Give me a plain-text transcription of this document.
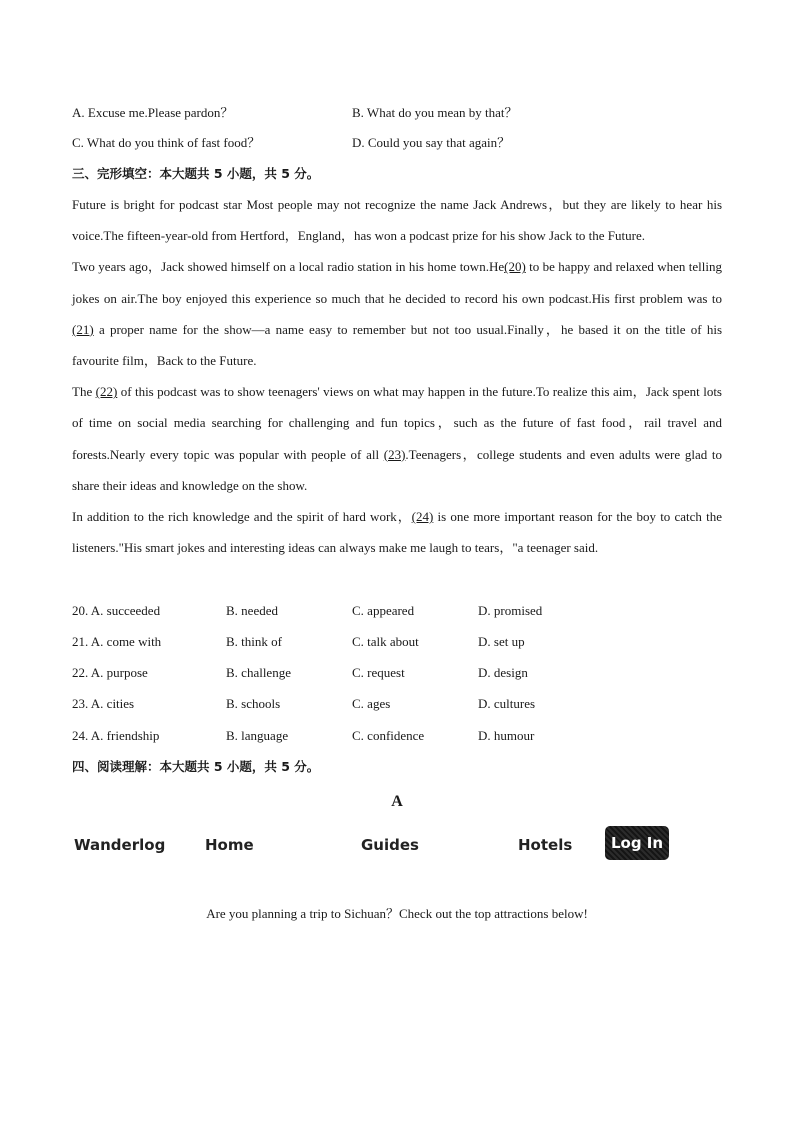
A. Excuse me.Please pardon？	B. What do you mean by that？
C. What do you think of fast food？	D. Could you say that again？
三、完形填空：本大题共 5 小题，共 5 分。

Future is bright for podcast star Most people may not recognize the name Jack Andrews，but they are likely to hear his voice.The fifteen-year-old from Hertford，England，has won a podcast prize for his show Jack to the Future.

Two years ago，Jack showed himself on a local radio station in his home town.He(20) to be happy and relaxed when telling jokes on air.The boy enjoyed this experience so much that he decided to record his own podcast.His first problem was to (21) a proper name for the show—a name easy to remember but not too usual.Finally，he based it on the title of his favourite film，Back to the Future.

The (22) of this podcast was to show teenagers' views on what may happen in the future.To realize this aim，Jack spent lots of time on social media searching for challenging and fun topics，such as the future of fast food，rail travel and forests.Nearly every topic was popular with people of all (23).Teenagers，college students and even adults were glad to share their ideas and knowledge on the show.

In addition to the rich knowledge and the spirit of hard work，(24) is one more important reason for the boy to catch the listeners."His smart jokes and interesting ideas can always make me laugh to tears，"a teenager said.

20. A. succeeded	B. needed	C. appeared	D. promised
21. A. come with	B. think of	C. talk about	D. set up
22. A. purpose	B. challenge	C. request	D. design
23. A. cities	B. schools	C. ages	D. cultures
24. A. friendship	B. language	C. confidence	D. humour
四、阅读理解：本大题共 5 小题，共 5 分。
A
Wanderlog	Home	Guides	Hotels	Log In
Are you planning a trip to Sichuan？Check out the top attractions below!
